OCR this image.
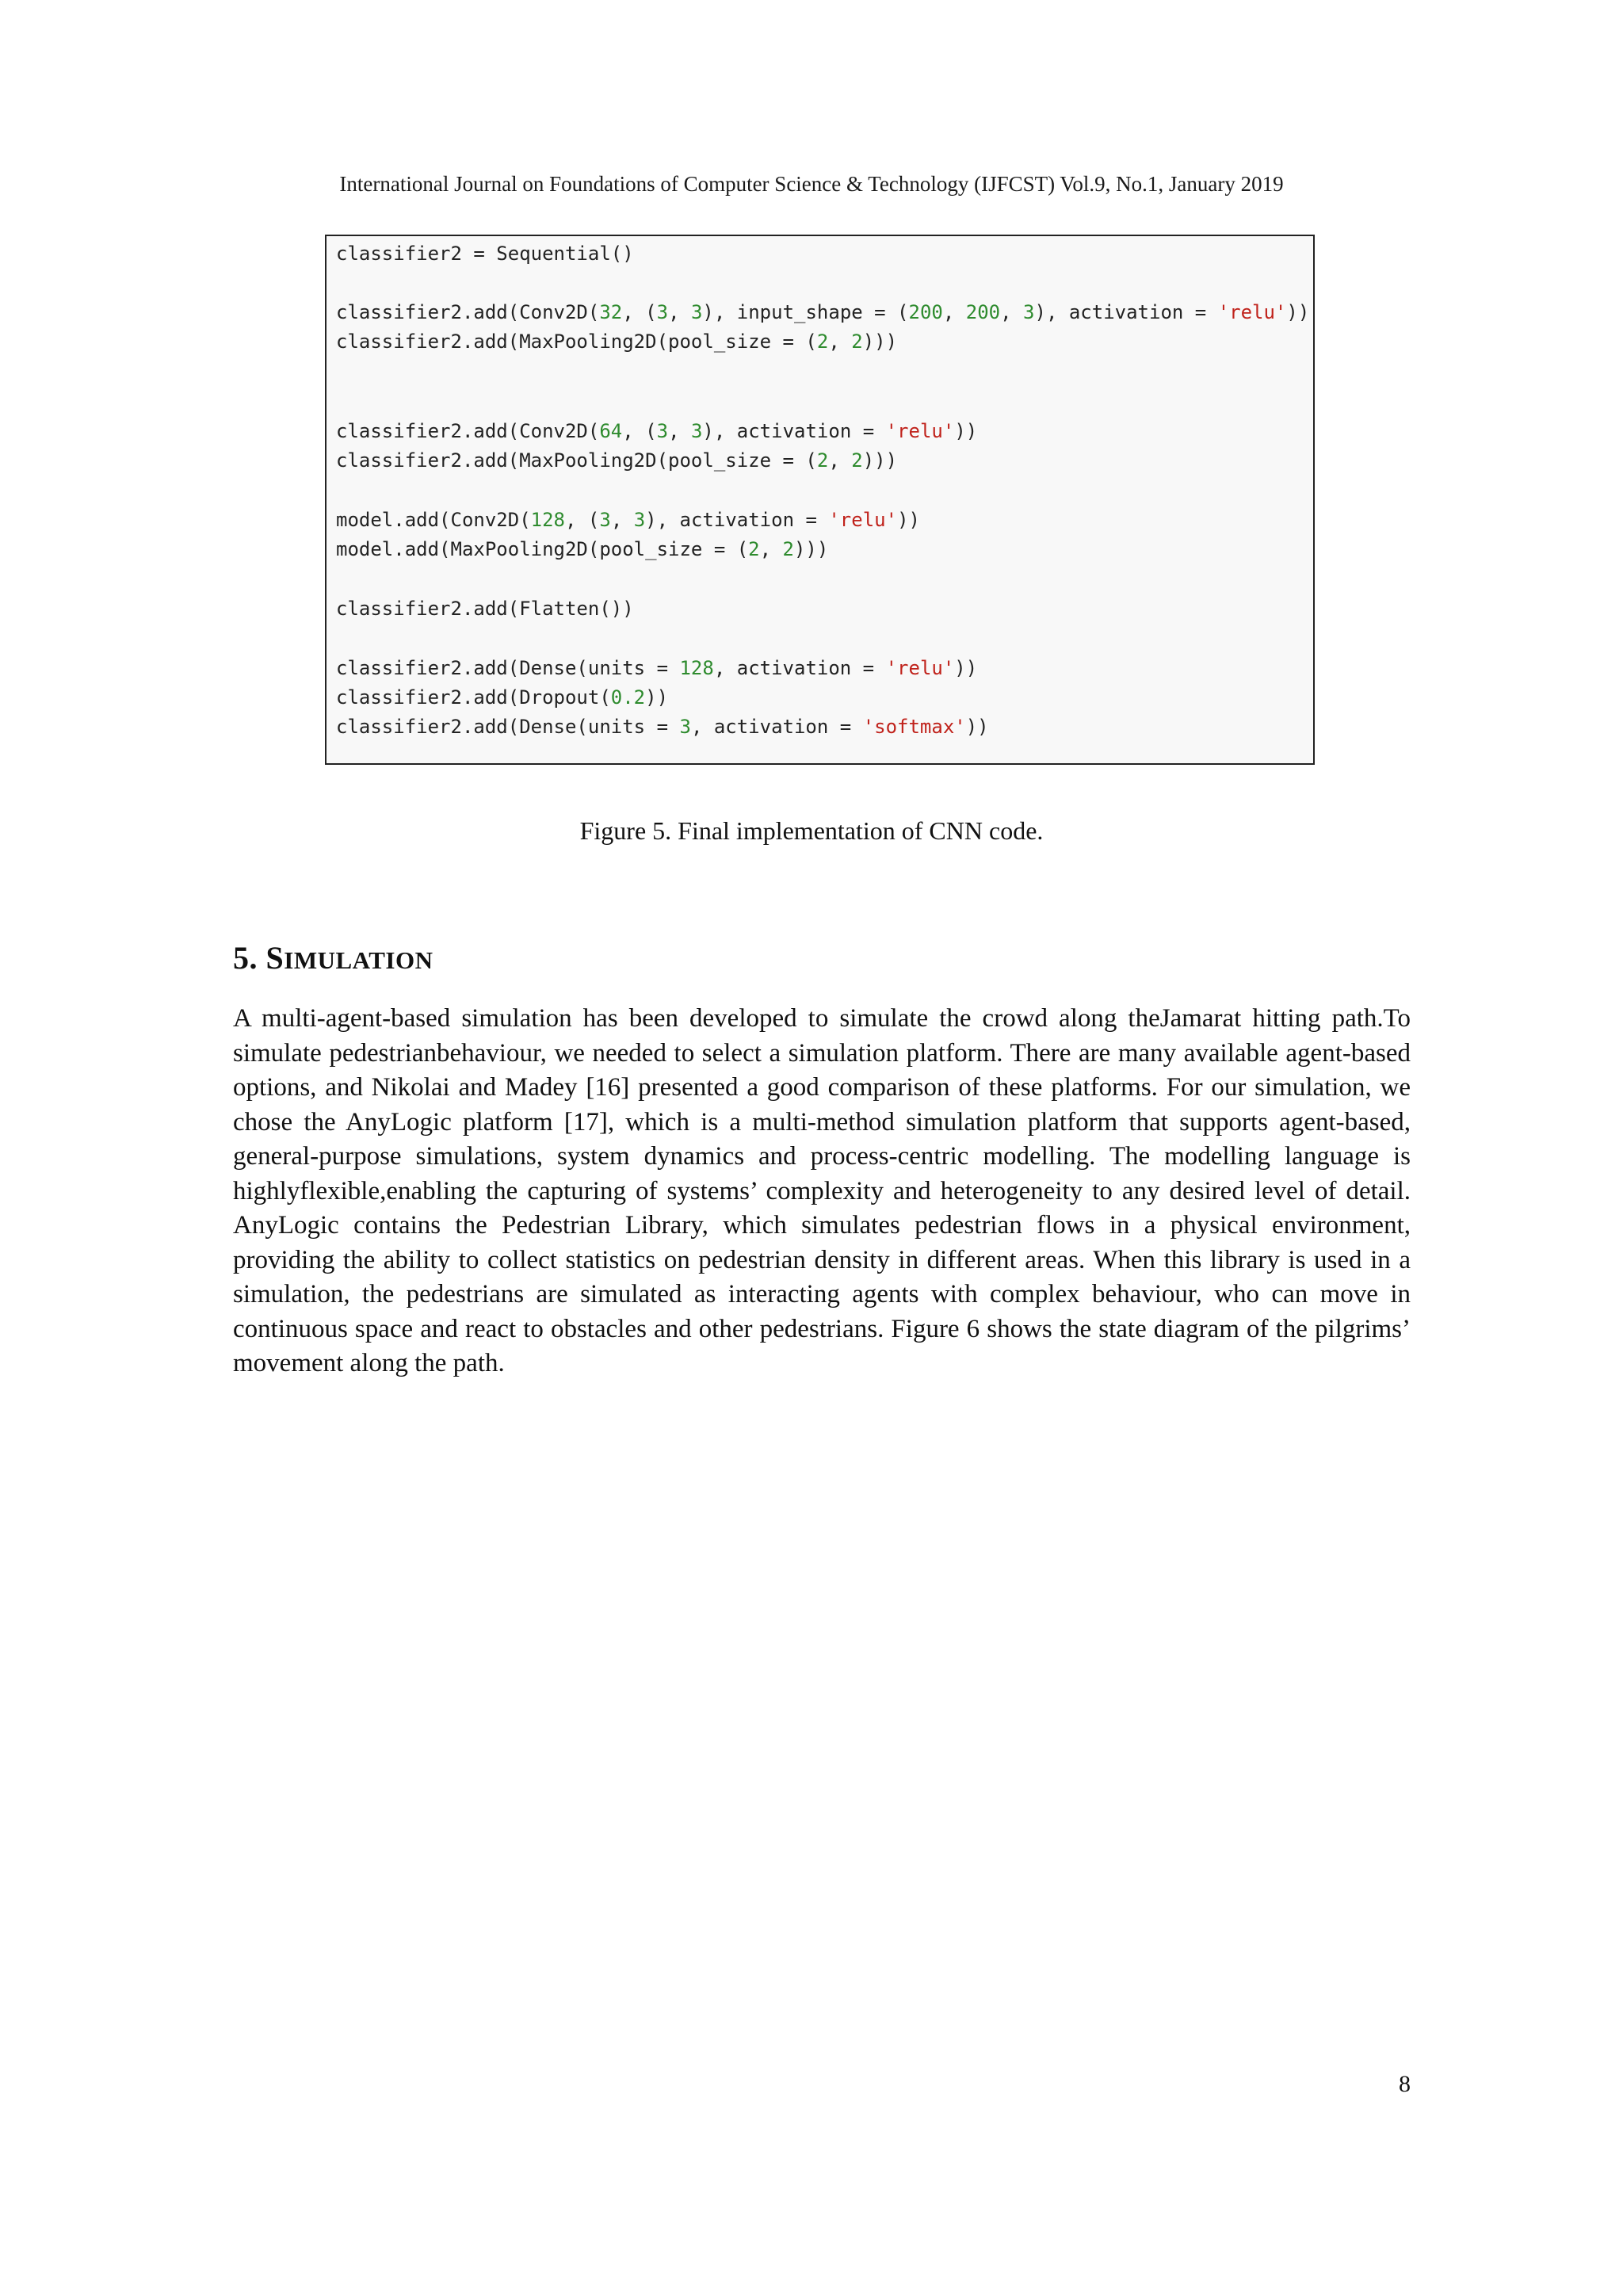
International Journal on Foundations of Computer Science & Technology (IJFCST) Vol.9, No.1, January 2019
classifier2 = Sequential()
classifier2.add(Conv2D(32, (3, 3), input_shape = (200, 200, 3), activation = 'relu'))
classifier2.add(MaxPooling2D(pool_size = (2, 2)))
classifier2.add(Conv2D(64, (3, 3), activation = 'relu'))
classifier2.add(MaxPooling2D(pool_size = (2, 2)))
model.add(Conv2D(128, (3, 3), activation = 'relu'))
model.add(MaxPooling2D(pool_size = (2, 2)))
classifier2.add(Flatten())
classifier2.add(Dense(units = 128, activation = 'relu'))
classifier2.add(Dropout(0.2))
classifier2.add(Dense(units = 3, activation = 'softmax'))
Figure 5. Final implementation of CNN code.
5. SIMULATION
A multi-agent-based simulation has been developed to simulate the crowd along theJamarat hitting path.To simulate pedestrianbehaviour, we needed to select a simulation platform. There are many available agent-based options, and Nikolai and Madey [16] presented a good comparison of these platforms. For our simulation, we chose the AnyLogic platform [17], which is a multi-method simulation platform that supports agent-based, general-purpose simulations, system dynamics and process-centric modelling. The modelling language is highlyflexible,enabling the capturing of systems’ complexity and heterogeneity to any desired level of detail. AnyLogic contains the Pedestrian Library, which simulates pedestrian flows in a physical environment, providing the ability to collect statistics on pedestrian density in different areas. When this library is used in a simulation, the pedestrians are simulated as interacting agents with complex behaviour, who can move in continuous space and react to obstacles and other pedestrians. Figure 6 shows the state diagram of the pilgrims’ movement along the path.
8
